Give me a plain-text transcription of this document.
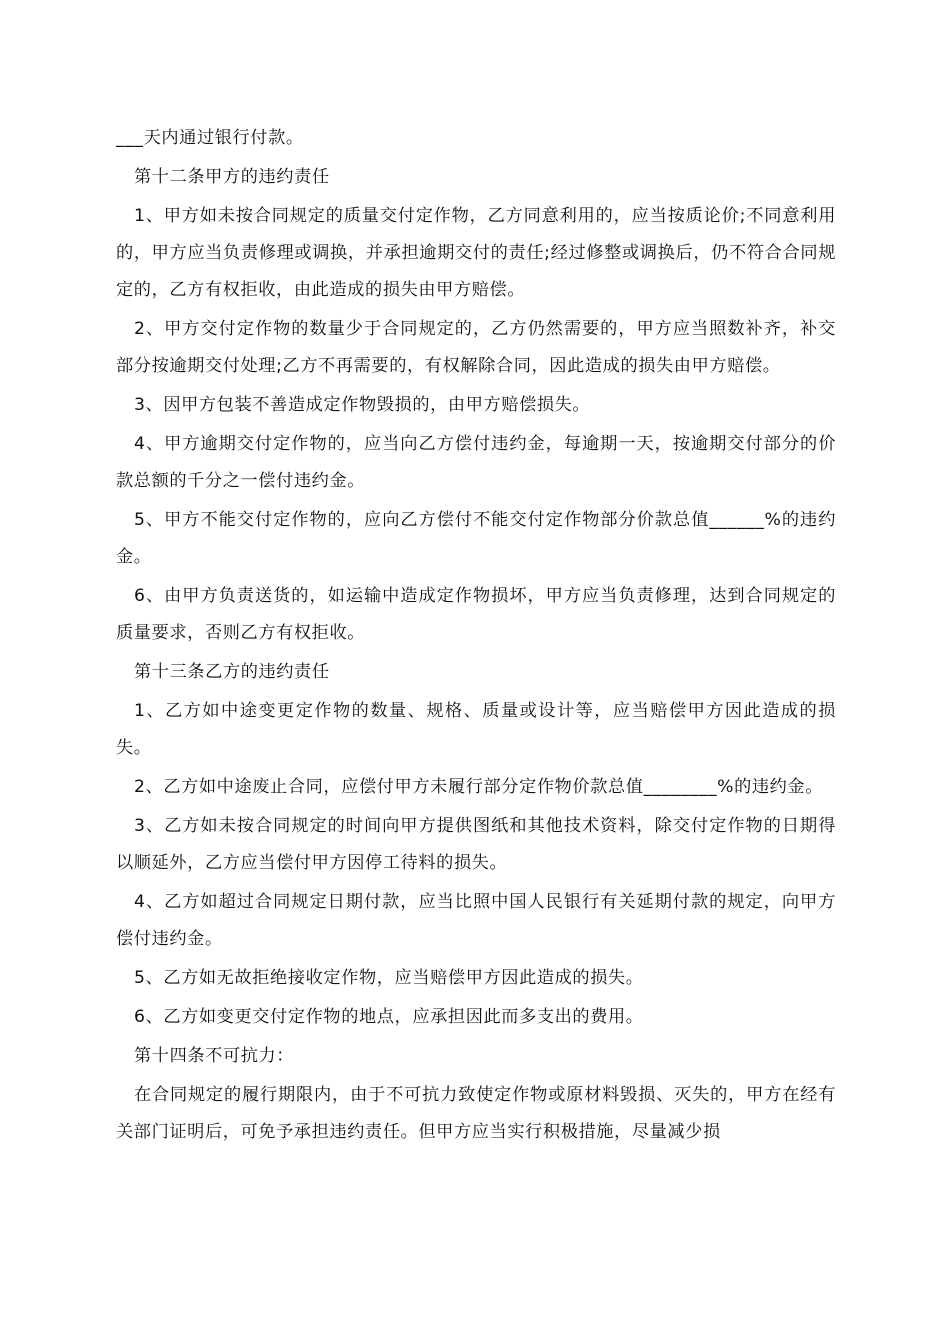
___天内通过银行付款。

第十二条甲方的违约责任

1、甲方如未按合同规定的质量交付定作物，乙方同意利用的，应当按质论价;不同意利用的，甲方应当负责修理或调换，并承担逾期交付的责任;经过修整或调换后，仍不符合合同规定的，乙方有权拒收，由此造成的损失由甲方赔偿。

2、甲方交付定作物的数量少于合同规定的，乙方仍然需要的，甲方应当照数补齐，补交部分按逾期交付处理;乙方不再需要的，有权解除合同，因此造成的损失由甲方赔偿。

3、因甲方包装不善造成定作物毁损的，由甲方赔偿损失。

4、甲方逾期交付定作物的，应当向乙方偿付违约金，每逾期一天，按逾期交付部分的价款总额的千分之一偿付违约金。

5、甲方不能交付定作物的，应向乙方偿付不能交付定作物部分价款总值______%的违约金。

6、由甲方负责送货的，如运输中造成定作物损坏，甲方应当负责修理，达到合同规定的质量要求，否则乙方有权拒收。

第十三条乙方的违约责任

1、乙方如中途变更定作物的数量、规格、质量或设计等，应当赔偿甲方因此造成的损失。

2、乙方如中途废止合同，应偿付甲方未履行部分定作物价款总值________%的违约金。

3、乙方如未按合同规定的时间向甲方提供图纸和其他技术资料，除交付定作物的日期得以顺延外，乙方应当偿付甲方因停工待料的损失。

4、乙方如超过合同规定日期付款，应当比照中国人民银行有关延期付款的规定，向甲方偿付违约金。

5、乙方如无故拒绝接收定作物，应当赔偿甲方因此造成的损失。

6、乙方如变更交付定作物的地点，应承担因此而多支出的费用。

第十四条不可抗力：

在合同规定的履行期限内，由于不可抗力致使定作物或原材料毁损、灭失的，甲方在经有关部门证明后，可免予承担违约责任。但甲方应当实行积极措施，尽量减少损
